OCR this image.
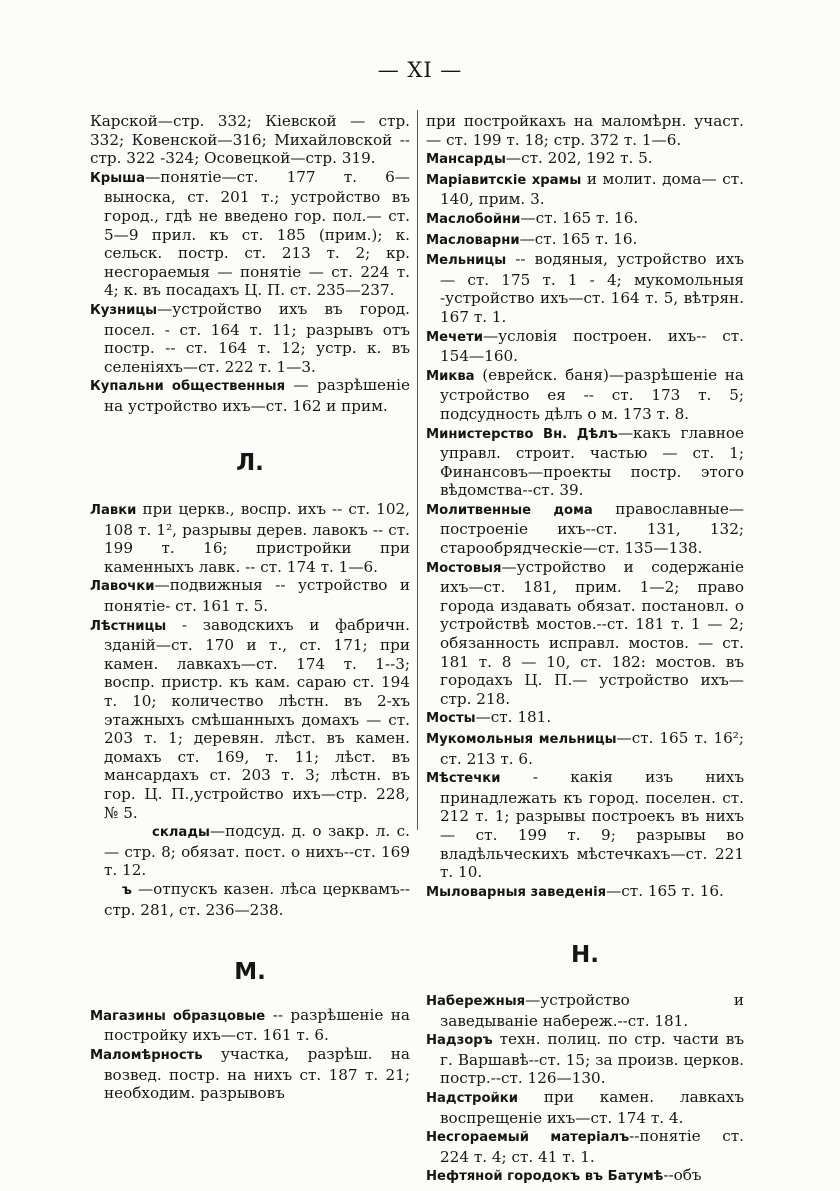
— XI —

Карской—стр. 332; Кiевской — стр. 332; Ковенской—316; Михайловской -- стр. 322 -324; Осовецкой—стр. 319.

Крыша—понятiе—ст. 177 т. 6—выноска, ст. 201 т.; устройство въ город., гдѣ не введено гор. пол.— ст. 5—9 прил. къ ст. 185 (прим.); к. сельск. постр. ст. 213 т. 2; кр. несгораемыя — понятiе — ст. 224 т. 4; к. въ посадахъ Ц. П. ст. 235—237.

Кузницы—устройство ихъ въ город. посел. - ст. 164 т. 11; разрывъ отъ постр. -- ст. 164 т. 12; устр. к. въ селенiяхъ—ст. 222 т. 1—3.

Купальни общественныя — разрѣшенiе на устройство ихъ—ст. 162 и прим.

Л.

Лавки при церкв., воспр. ихъ -- ст. 102, 108 т. 1², разрывы дерев. лавокъ -- ст. 199 т. 16; пристройки при каменныхъ лавк. -- ст. 174 т. 1—6.

Лавочки—подвижныя -- устройство и понятiе- ст. 161 т. 5.

Лѣстницы - заводскихъ и фабричн. зданiй—ст. 170 и т., ст. 171; при камен. лавкахъ—ст. 174 т. 1--3; воспр. пристр. къ кам. сараю ст. 194 т. 10; количество лѣстн. въ 2-хъ этажныхъ смѣшанныхъ домахъ — ст. 203 т. 1; деревян. лѣст. въ камен. домахъ ст. 169, т. 11; лѣст. въ мансардахъ ст. 203 т. 3; лѣстн. въ гор. Ц. П.,устройство ихъ—стр. 228, № 5.

склады—подсуд. д. о закр. л. с. — стр. 8; обязат. пост. о нихъ--ст. 169 т. 12.

ъ —отпускъ казен. лѣса церквамъ--стр. 281, ст. 236—238.

М.

Магазины образцовые -- разрѣшенiе на постройку ихъ—ст. 161 т. 6.

Маломѣрность участка, разрѣш. на возвед. постр. на нихъ ст. 187 т. 21; необходим. разрывовъ

при постройкахъ на маломѣрн. участ. — ст. 199 т. 18; стр. 372 т. 1—6.

Мансарды—ст. 202, 192 т. 5.

Марiавитскiе храмы и молит. дома— ст. 140, прим. 3.

Маслобойни—ст. 165 т. 16.

Масловарни—ст. 165 т. 16.

Мельницы -- водяныя, устройство ихъ — ст. 175 т. 1 - 4; мукомольныя -устройство ихъ—ст. 164 т. 5, вѣтрян. 167 т. 1.

Мечети—условiя построен. ихъ-- ст. 154—160.

Миква (еврейск. баня)—разрѣшенiе на устройство ея -- ст. 173 т. 5; подсудность дѣлъ о м. 173 т. 8.

Министерство Вн. Дѣлъ—какъ главное управл. строит. частью — ст. 1; Финансовъ—проекты постр. этого вѣдомства--ст. 39.

Молитвенные дома православные— построенiе ихъ--ст. 131, 132; старообрядческiе—ст. 135—138.

Мостовыя—устройство и содержанiе ихъ—ст. 181, прим. 1—2; право города издавать обязат. постановл. о устройствѣ мостов.--ст. 181 т. 1 — 2; обязанность исправл. мостов. — ст. 181 т. 8 — 10, ст. 182: мостов. въ городахъ Ц. П.— устройство ихъ—стр. 218.

Мосты—ст. 181.

Мукомольныя мельницы—ст. 165 т. 16²; ст. 213 т. 6.

Мѣстечки - какiя изъ нихъ принадлежать къ город. поселен. ст. 212 т. 1; разрывы построекъ въ нихъ— ст. 199 т. 9; разрывы во владѣльческихъ мѣстечкахъ—ст. 221 т. 10.

Мыловарныя заведенiя—ст. 165 т. 16.

Н.

Набережныя—устройство и заведыванiе набереж.--ст. 181.

Надзоръ техн. полиц. по стр. части въ г. Варшавѣ--ст. 15; за произв. церков. постр.--ст. 126—130.

Надстройки при камен. лавкахъ воспрещенiе ихъ—ст. 174 т. 4.

Несгораемый матерiалъ--понятiе ст. 224 т. 4; ст. 41 т. 1.

Нефтяной городокъ въ Батумѣ--объ
